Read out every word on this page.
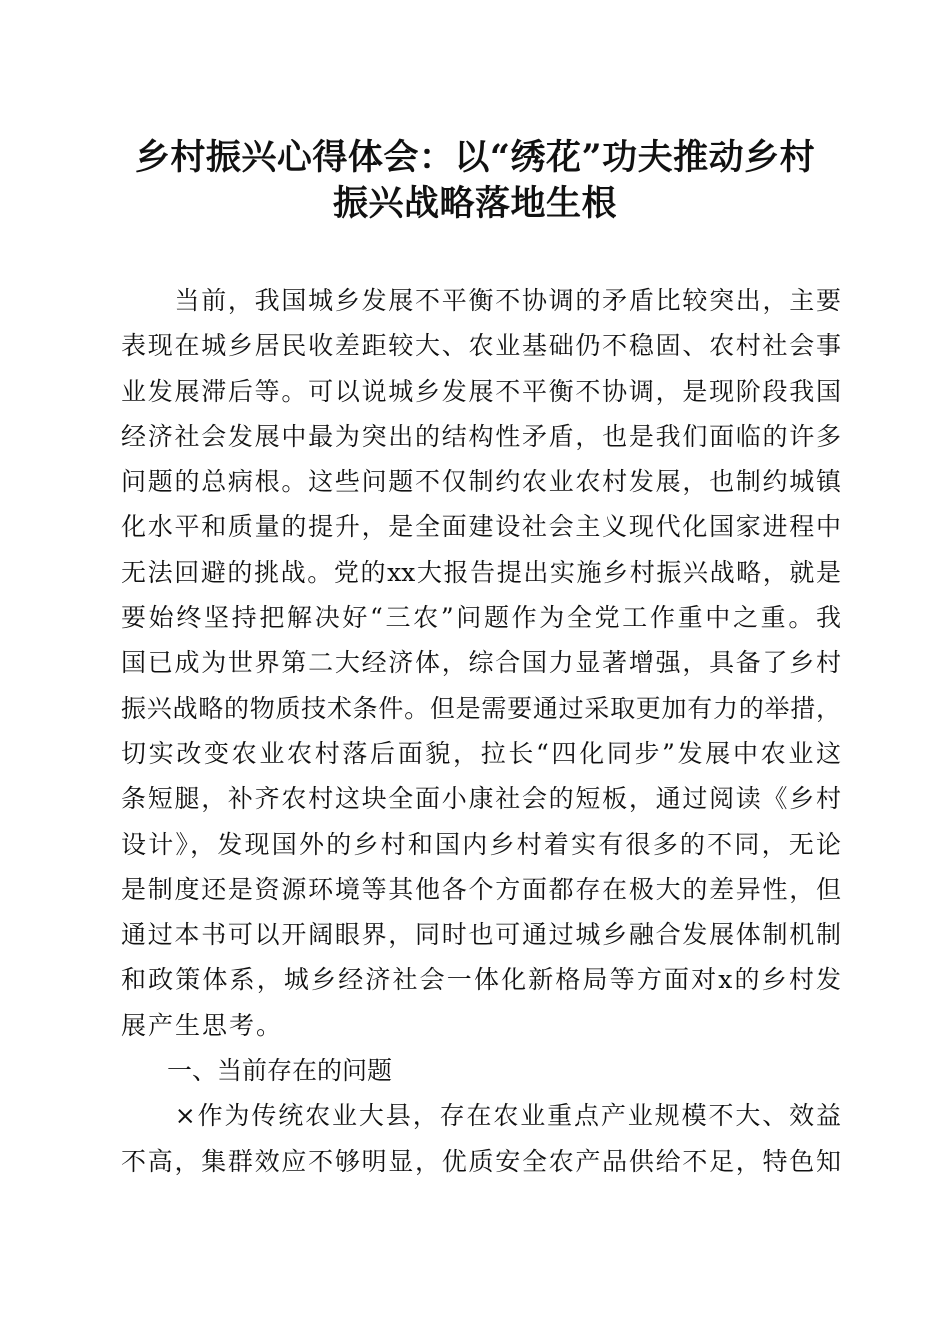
乡村振兴心得体会：以“绣花”功夫推动乡村
振兴战略落地生根
　　当前，我国城乡发展不平衡不协调的矛盾比较突出，主要
表现在城乡居民收差距较大、农业基础仍不稳固、农村社会事
业发展滞后等。可以说城乡发展不平衡不协调，是现阶段我国
经济社会发展中最为突出的结构性矛盾，也是我们面临的许多
问题的总病根。这些问题不仅制约农业农村发展，也制约城镇
化水平和质量的提升，是全面建设社会主义现代化国家进程中
无法回避的挑战。党的xx大报告提出实施乡村振兴战略，就是
要始终坚持把解决好“三农”问题作为全党工作重中之重。我
国已成为世界第二大经济体，综合国力显著增强，具备了乡村
振兴战略的物质技术条件。但是需要通过采取更加有力的举措，
切实改变农业农村落后面貌，拉长“四化同步”发展中农业这
条短腿，补齐农村这块全面小康社会的短板，通过阅读《乡村
设计》，发现国外的乡村和国内乡村着实有很多的不同，无论
是制度还是资源环境等其他各个方面都存在极大的差异性，但
通过本书可以开阔眼界，同时也可通过城乡融合发展体制机制
和政策体系，城乡经济社会一体化新格局等方面对x的乡村发
展产生思考。
一、当前存在的问题
　　×作为传统农业大县，存在农业重点产业规模不大、效益
不高，集群效应不够明显，优质安全农产品供给不足，特色知
